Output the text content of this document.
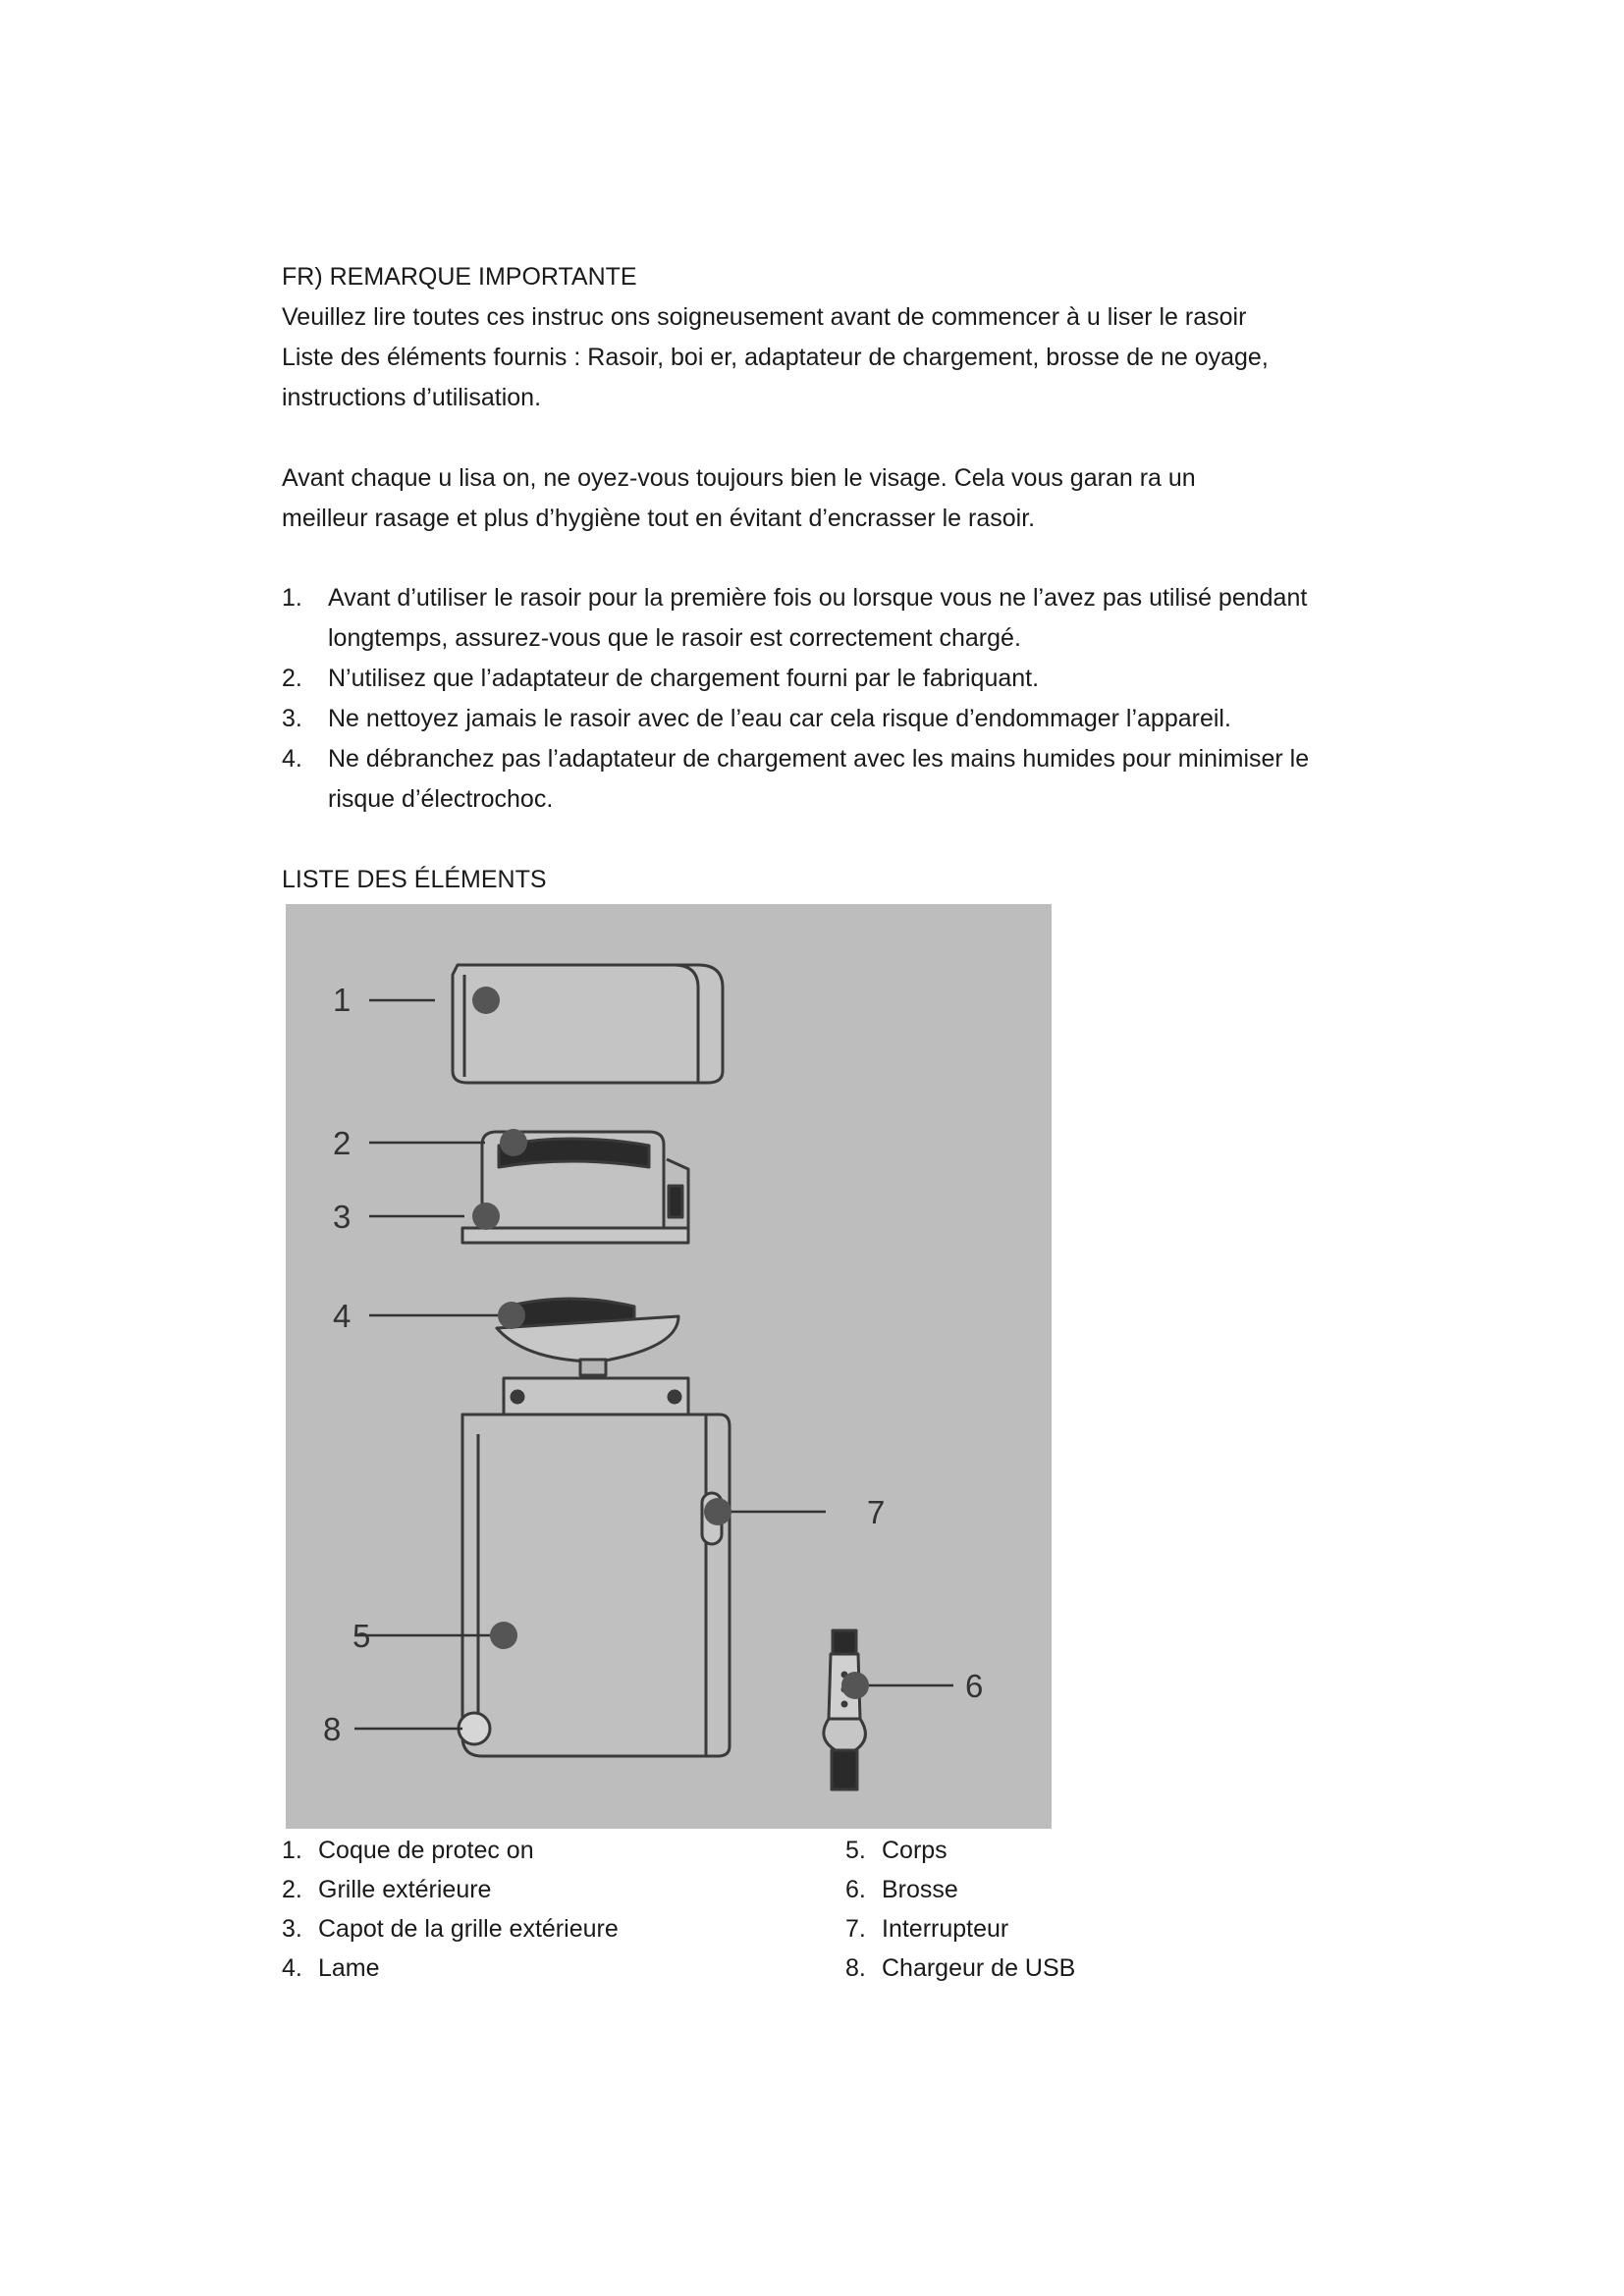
FR) REMARQUE IMPORTANTE

Veuillez lire toutes ces instruc ons soigneusement avant de commencer à u liser le rasoir

Liste des éléments fournis : Rasoir, boi er, adaptateur de chargement, brosse de ne oyage,

instructions d’utilisation.

Avant chaque u lisa on, ne oyez-vous toujours bien le visage. Cela vous garan ra un

meilleur rasage et plus d’hygiène tout en évitant d’encrasser le rasoir.

1. Avant d’utiliser le rasoir pour la première fois ou lorsque vous ne l’avez pas utilisé pendant longtemps, assurez-vous que le rasoir est correctement chargé.
2. N’utilisez que l’adaptateur de chargement fourni par le fabriquant.
3. Ne nettoyez jamais le rasoir avec de l’eau car cela risque d’endommager l’appareil.
4. Ne débranchez pas l’adaptateur de chargement avec les mains humides pour minimiser le risque d’électrochoc.
LISTE DES ÉLÉMENTS
1
2
3
4
5
6
7
8
1. Coque de protec on
2. Grille extérieure
3. Capot de la grille extérieure
4. Lame
5. Corps
6. Brosse
7. Interrupteur
8. Chargeur de USB
